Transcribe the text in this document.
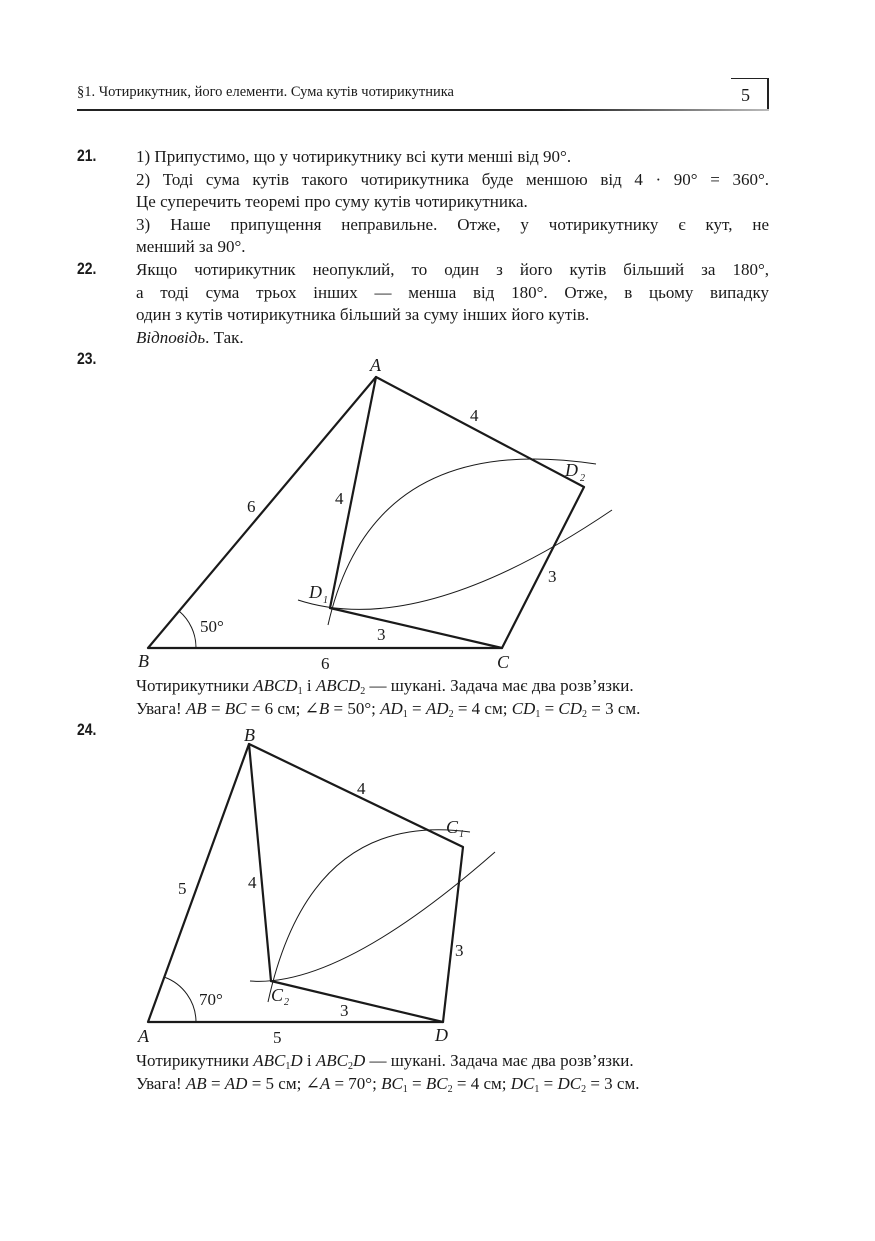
§1. Чотирикутник, його елементи. Сума кутів чотирикутника	5
21. 1) Припустимо, що у чотирикутнику всі кути менші від 90°.
2) Тоді сума кутів такого чотирикутника буде меншою від 4 · 90° = 360°.
Це суперечить теоремі про суму кутів чотирикутника.
3) Наше припущення неправильне. Отже, у чотирикутнику є кут, не
менший за 90°.
22. Якщо чотирикутник неопуклий, то один з його кутів більший за 180°,
а тоді сума трьох інших — менша від 180°. Отже, в цьому випадку
один з кутів чотирикутника більший за суму інших його кутів.
Відповідь. Так.
23.	A
B	C
D 2
D 1
6
6
4
4
3
3
50°
Чотирикутники $ABCD_1$ і $ABCD_2$ — шукані. Задача має два розв’язки.
Увага! AB = BC = 6 см; ∠B = 50°; $AD_1 = AD_2 = 4$ см; $CD_1 = CD_2 = 3$ см.
24.	B
A	D
C 1
C 2
5
5
4
4
3
3
70°
Чотирикутники $ABC_1D$ і $ABC_2D$ — шукані. Задача має два розв’язки.
Увага! AB = AD = 5 см; ∠A = 70°; $BC_1 = BC_2 = 4$ см; $DC_1 = DC_2 = 3$ см.
